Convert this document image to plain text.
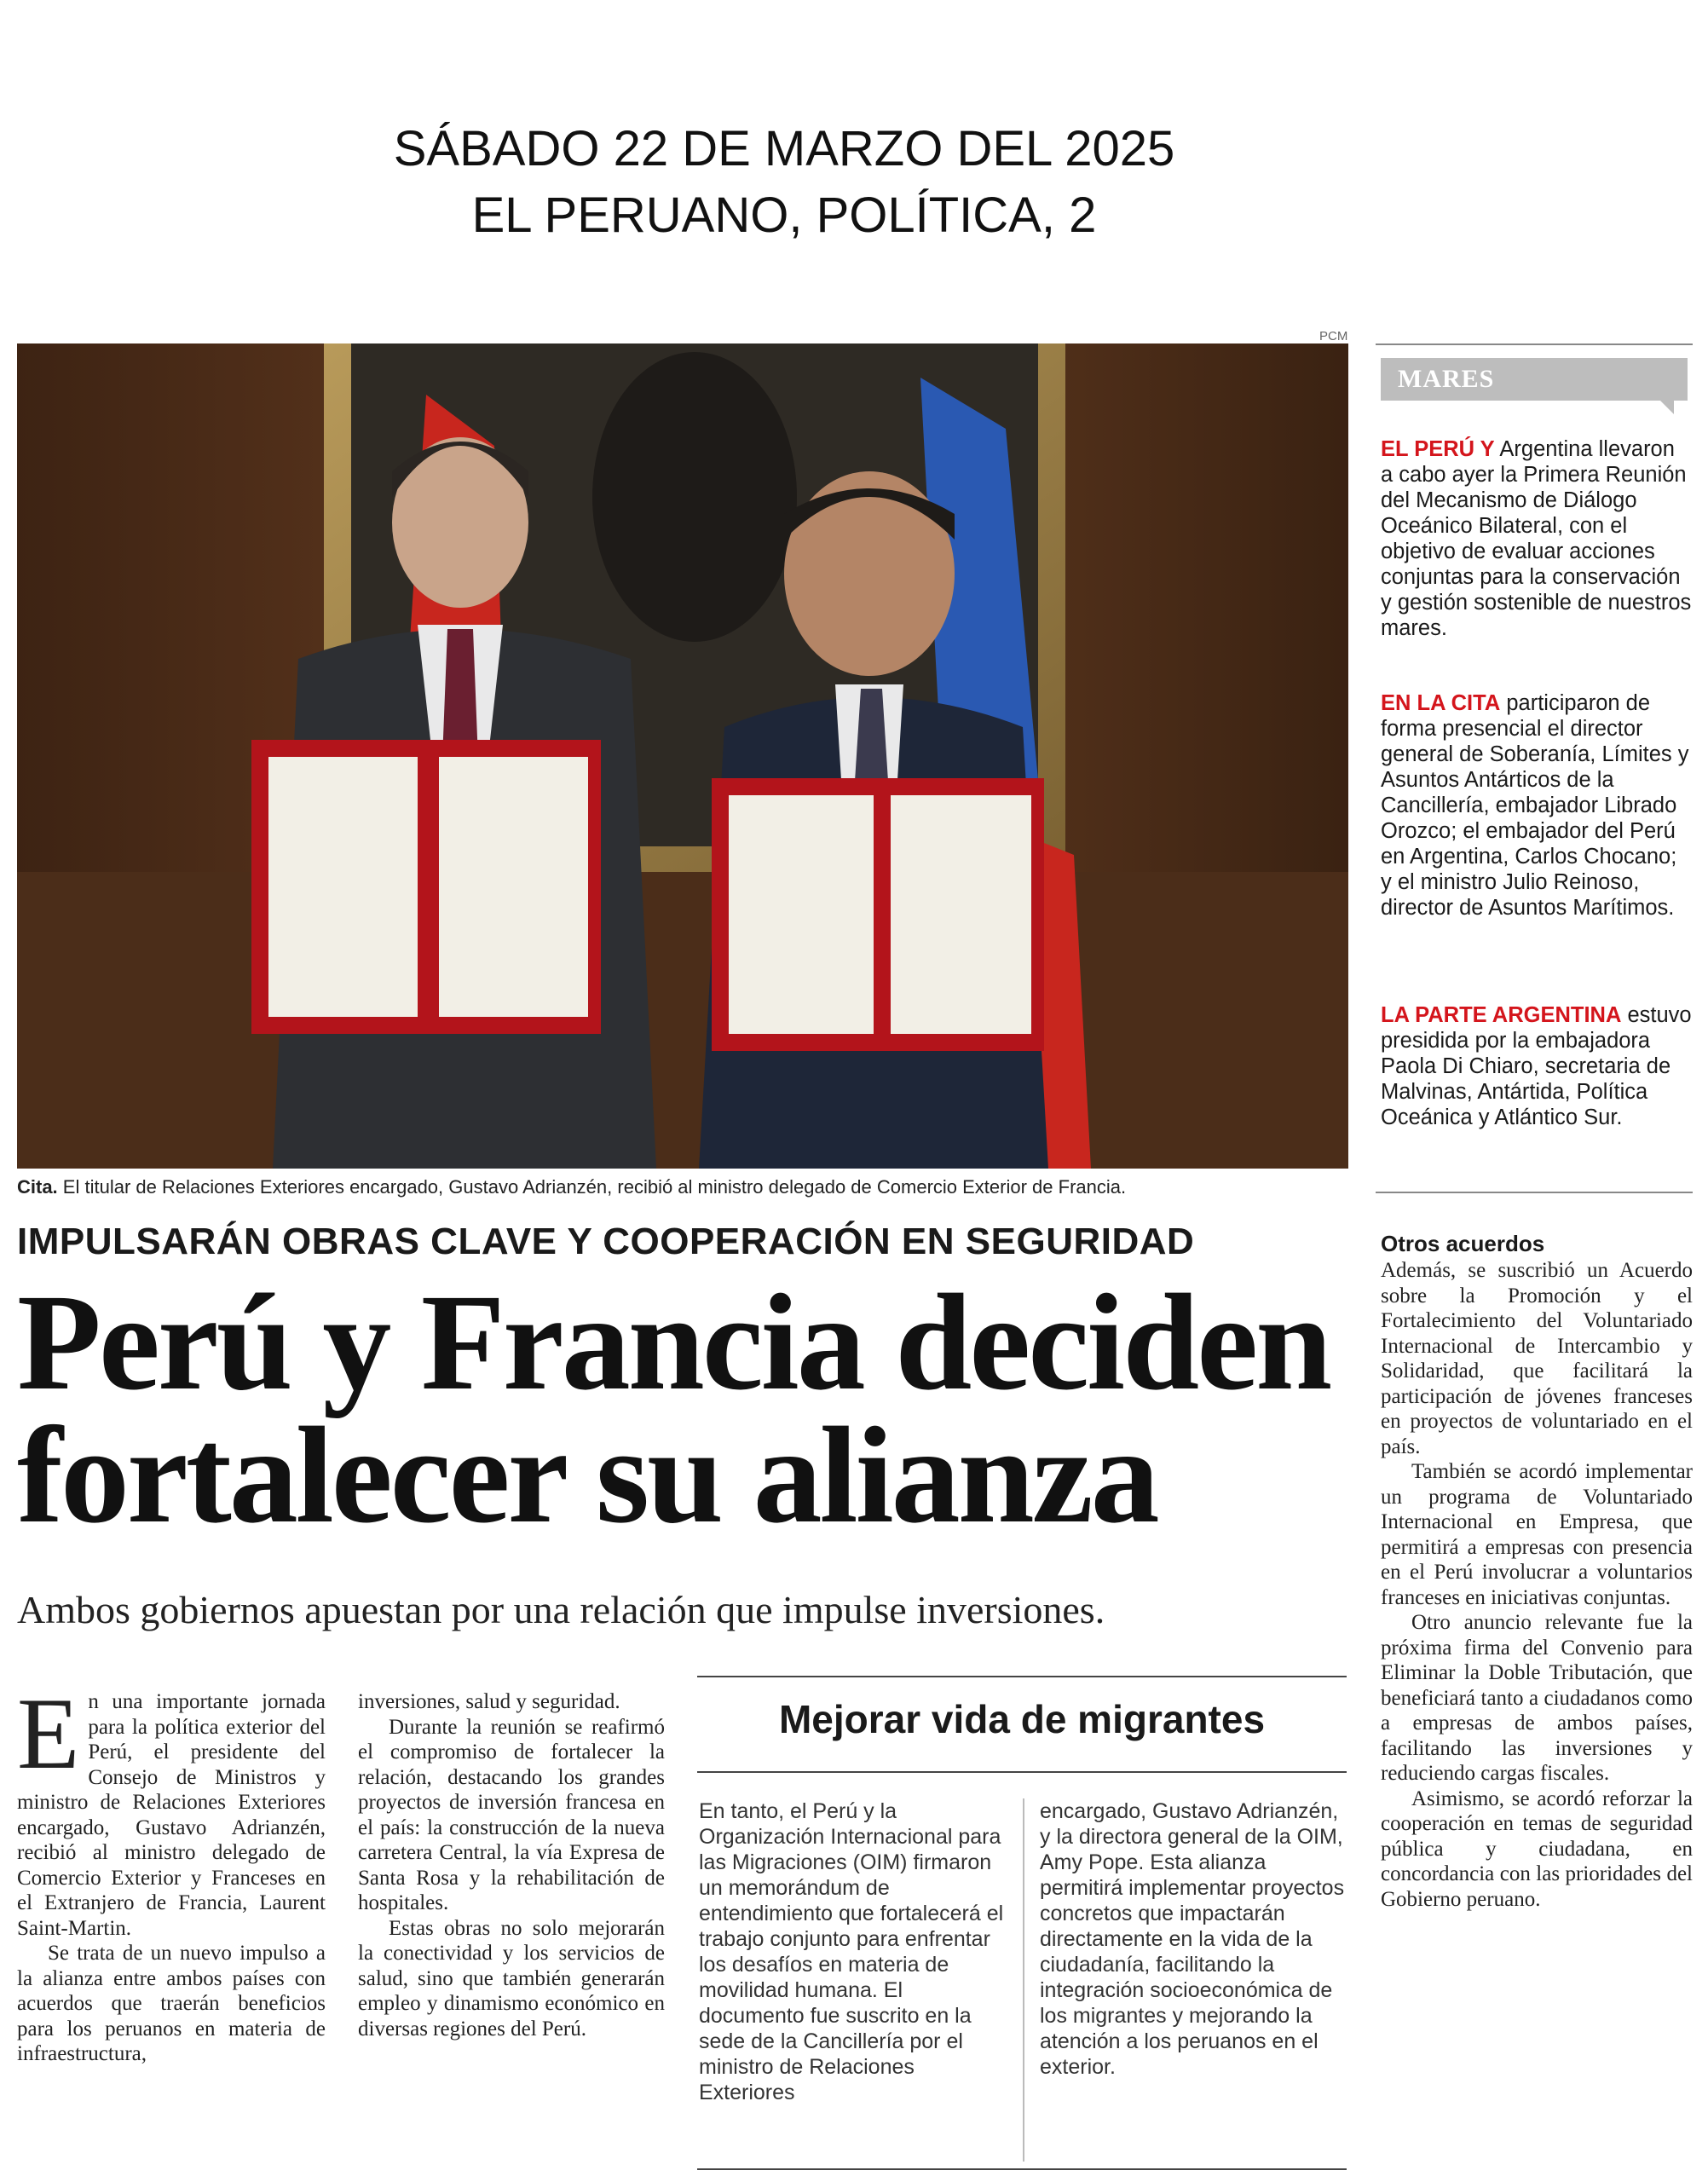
SÁBADO 22 DE MARZO DEL 2025
EL PERUANO, POLÍTICA, 2
PCM
Cita. El titular de Relaciones Exteriores encargado, Gustavo Adrianzén, recibió al ministro delegado de Comercio Exterior de Francia.
IMPULSARÁN OBRAS CLAVE Y COOPERACIÓN EN SEGURIDAD
Perú y Francia deciden
fortalecer su alianza
Ambos gobiernos apuestan por una relación que impulse inversiones.

En una importante jornada para la política exterior del Perú, el presidente del Consejo de Ministros y ministro de Relaciones Exteriores encargado, Gustavo Adrianzén, recibió al ministro delegado de Comercio Exterior y Franceses en el Extranjero de Francia, Laurent Saint-Martin.

Se trata de un nuevo impulso a la alianza entre ambos países con acuerdos que traerán beneficios para los peruanos en materia de infraestructura,

inversiones, salud y seguridad.

Durante la reunión se reafirmó el compromiso de fortalecer la relación, destacando los grandes proyectos de inversión francesa en el país: la construcción de la nueva carretera Central, la vía Expresa de Santa Rosa y la rehabilitación de hospitales.

Estas obras no solo mejorarán la conectividad y los servicios de salud, sino que también generarán empleo y dinamismo económico en diversas regiones del Perú.

Mejorar vida de migrantes
En tanto, el Perú y la Organización Internacional para las Migraciones (OIM) firmaron un memorándum de entendimiento que fortalecerá el trabajo conjunto para enfrentar los desafíos en materia de movilidad humana. El documento fue suscrito en la sede de la Cancillería por el ministro de Relaciones Exteriores
encargado, Gustavo Adrianzén, y la directora general de la OIM, Amy Pope. Esta alianza permitirá implementar proyectos concretos que impactarán directamente en la vida de la ciudadanía, facilitando la integración socioeconómica de los migrantes y mejorando la atención a los peruanos en el exterior.
MARES
EL PERÚ Y Argentina llevaron a cabo ayer la Primera Reunión del Mecanismo de Diálogo Oceánico Bilateral, con el objetivo de evaluar acciones conjuntas para la conservación y gestión sostenible de nuestros mares.
EN LA CITA participaron de forma presencial el director general de Soberanía, Límites y Asuntos Antárticos de la Cancillería, embajador Librado Orozco; el embajador del Perú en Argentina, Carlos Chocano; y el ministro Julio Reinoso, director de Asuntos Marítimos.
LA PARTE ARGENTINA estuvo presidida por la embajadora Paola Di Chiaro, secretaria de Malvinas, Antártida, Política Oceánica y Atlántico Sur.
Otros acuerdos

Además, se suscribió un Acuerdo sobre la Promoción y el Fortalecimiento del Voluntariado Internacional de Intercambio y Solidaridad, que facilitará la participación de jóvenes franceses en proyectos de voluntariado en el país.

También se acordó implementar un programa de Voluntariado Internacional en Empresa, que permitirá a empresas con presencia en el Perú involucrar a voluntarios franceses en iniciativas conjuntas.

Otro anuncio relevante fue la próxima firma del Convenio para Eliminar la Doble Tributación, que beneficiará tanto a ciudadanos como a empresas de ambos países, facilitando las inversiones y reduciendo cargas fiscales.

Asimismo, se acordó reforzar la cooperación en temas de seguridad pública y ciudadana, en concordancia con las prioridades del Gobierno peruano.
